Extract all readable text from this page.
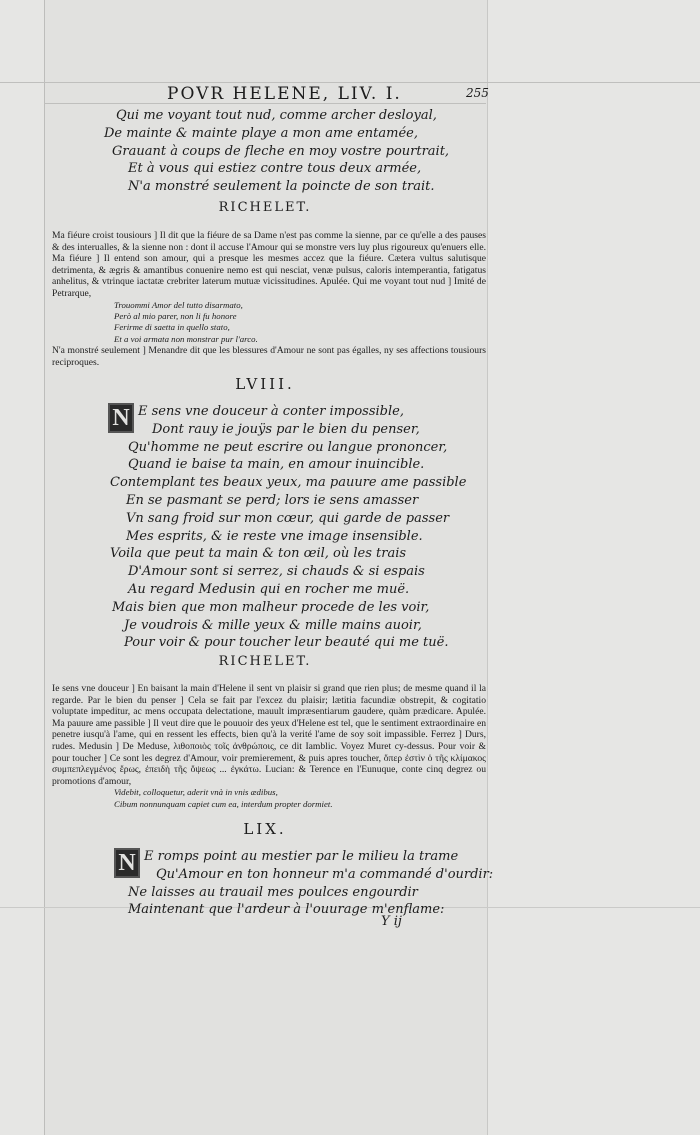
POVR HELENE, LIV. I.	255
Qui me voyant tout nud, comme archer desloyal,
De mainte & mainte playe a mon ame entamée,
Grauant à coups de fleche en moy vostre pourtrait,
Et à vous qui estiez contre tous deux armée,
N'a monstré seulement la poincte de son trait.
RICHELET.

Ma fiéure croist tousiours ] Il dit que la fiéure de sa Dame n'est pas comme la sienne, par ce qu'elle a des pauses & des interualles, & la sienne non : dont il accuse l'Amour qui se monstre vers luy plus rigoureux qu'enuers elle. Ma fiéure ] Il entend son amour, qui a presque les mesmes accez que la fiéure. Cætera vultus salutisque detrimenta, & ægris & amantibus conuenire nemo est qui nesciat, venæ pulsus, caloris intemperantia, fatigatus anhelitus, & vtrinque iactatæ crebriter laterum mutuæ vicissitudines. Apulée. Qui me voyant tout nud ] Imité de Petrarque,

Trouommi Amor del tutto disarmato,
Però al mio parer, non li fu honore
Ferirme di saetta in quello stato,
Et a voi armata non monstrar pur l'arco.

N'a monstré seulement ] Menandre dit que les blessures d'Amour ne sont pas égalles, ny ses affections tousiours reciproques.

LVIII.
N E sens vne douceur à conter impossible,
Dont rauy ie jouÿs par le bien du penser,
Qu'homme ne peut escrire ou langue prononcer,
Quand ie baise ta main, en amour inuincible.
Contemplant tes beaux yeux, ma pauure ame passible
En se pasmant se perd; lors ie sens amasser
Vn sang froid sur mon cœur, qui garde de passer
Mes esprits, & ie reste vne image insensible.
Voila que peut ta main & ton œil, où les trais
D'Amour sont si serrez, si chauds & si espais
Au regard Medusin qui en rocher me muë.
Mais bien que mon malheur procede de les voir,
Je voudrois & mille yeux & mille mains auoir,
Pour voir & pour toucher leur beauté qui me tuë.
RICHELET.

Ie sens vne douceur ] En baisant la main d'Helene il sent vn plaisir si grand que rien plus; de mesme quand il la regarde. Par le bien du penser ] Cela se fait par l'excez du plaisir; lætitia facundiæ obstrepit, & cogitatio voluptate impeditur, ac mens occupata delectatione, mauult impræsentiarum gaudere, quàm prædicare. Apulée. Ma pauure ame passible ] Il veut dire que le pouuoir des yeux d'Helene est tel, que le sentiment extraordinaire en penetre iusqu'à l'ame, qui en ressent les effects, bien qu'à la verité l'ame de soy soit impassible. Ferrez ] Durs, rudes. Medusin ] De Meduse, λιθοποιὸς τοῖς ἀνθρώποις, ce dit Iamblic. Voyez Muret cy-dessus. Pour voir & pour toucher ] Ce sont les degrez d'Amour, voir premierement, & puis apres toucher, ὅπερ ἐστὶν ὁ τῆς κλίμακος συμπεπλεγμένος ἔρως, ἐπειδὴ τῆς ὄψεως ... ἐγκάτω. Lucian: & Terence en l'Eunuque, conte cinq degrez ou promotions d'amour,

Videbit, colloquetur, aderit vnà in vnis ædibus,
Cibum nonnunquam capiet cum ea, interdum propter dormiet.
LIX.
N E romps point au mestier par le milieu la trame
Qu'Amour en ton honneur m'a commandé d'ourdir:
Ne laisses au trauail mes poulces engourdir
Maintenant que l'ardeur à l'ouurage m'enflame:
Y ij
